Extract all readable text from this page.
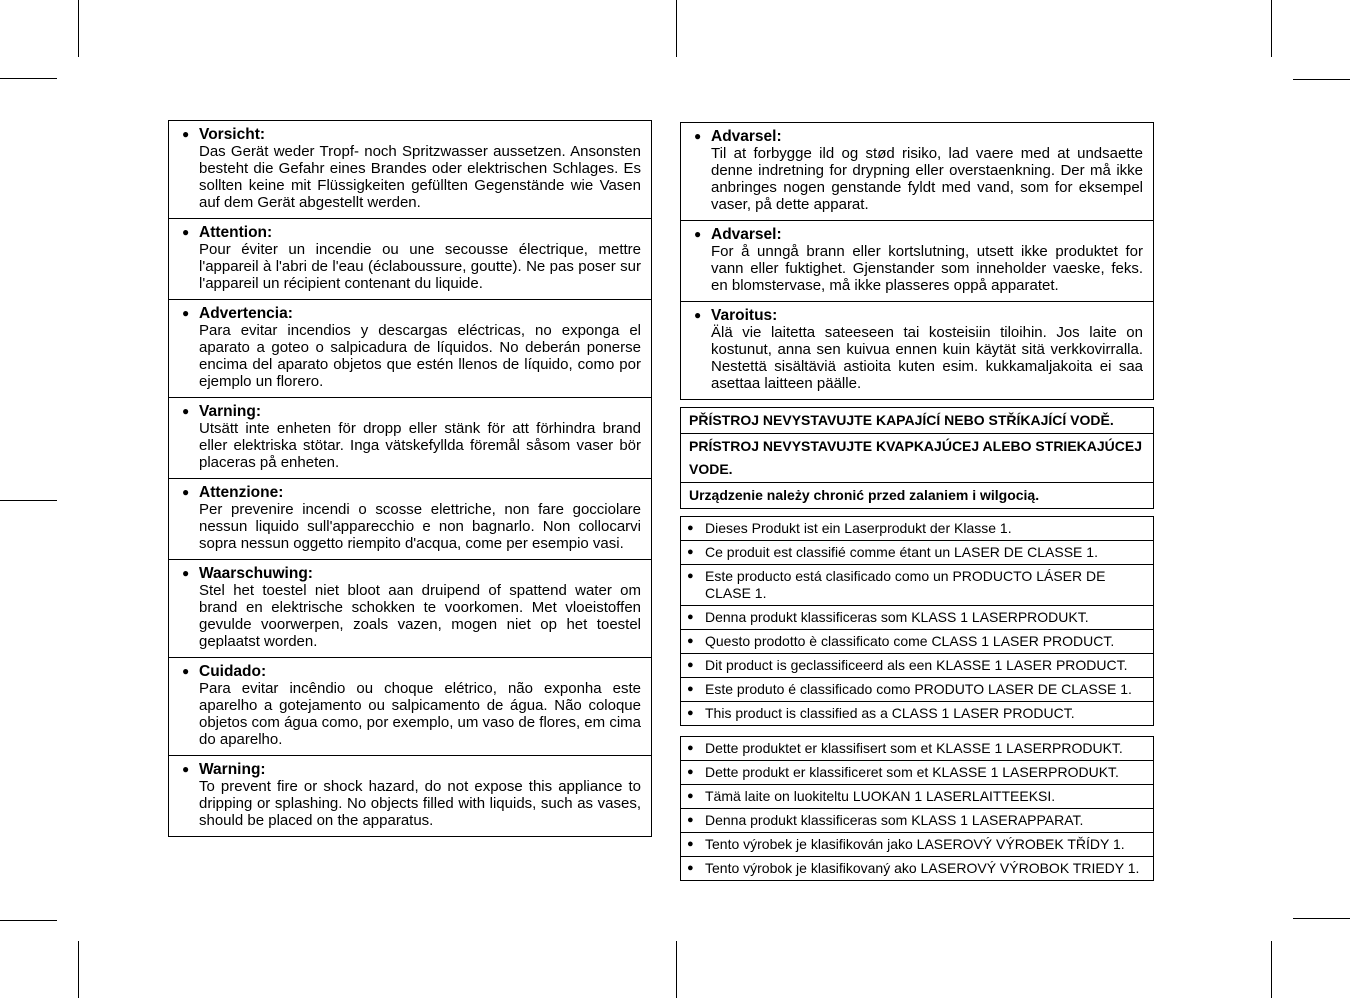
● Vorsicht:
Das Gerät weder Tropf- noch Spritzwasser aussetzen. Ansonsten besteht die Gefahr eines Brandes oder elektrischen Schlages. Es sollten keine mit Flüssigkeiten gefüllten Gegenstände wie Vasen auf dem Gerät abgestellt werden.
● Attention:
Pour éviter un incendie ou une secousse électrique, mettre l'appareil à l'abri de l'eau (éclaboussure, goutte). Ne pas poser sur l'appareil un récipient contenant du liquide.
● Advertencia:
Para evitar incendios y descargas eléctricas, no exponga el aparato a goteo o salpicadura de líquidos. No deberán ponerse encima del aparato objetos que estén llenos de líquido, como por ejemplo un florero.
● Varning:
Utsätt inte enheten för dropp eller stänk för att förhindra brand eller elektriska stötar. Inga vätskefyllda föremål såsom vaser bör placeras på enheten.
● Attenzione:
Per prevenire incendi o scosse elettriche, non fare gocciolare nessun liquido sull'apparecchio e non bagnarlo. Non collocarvi sopra nessun oggetto riempito d'acqua, come per esempio vasi.
● Waarschuwing:
Stel het toestel niet bloot aan druipend of spattend water om brand en elektrische schokken te voorkomen. Met vloeistoffen gevulde voorwerpen, zoals vazen, mogen niet op het toestel geplaatst worden.
● Cuidado:
Para evitar incêndio ou choque elétrico, não exponha este aparelho a gotejamento ou salpicamento de água. Não coloque objetos com água como, por exemplo, um vaso de flores, em cima do aparelho.
● Warning:
To prevent fire or shock hazard, do not expose this appliance to dripping or splashing. No objects filled with liquids, such as vases, should be placed on the apparatus.
● Advarsel:
Til at forbygge ild og stød risiko, lad vaere med at undsaette denne indretning for drypning eller overstaenkning. Der må ikke anbringes nogen genstande fyldt med vand, som for eksempel vaser, på dette apparat.
● Advarsel:
For å unngå brann eller kortslutning, utsett ikke produktet for vann eller fuktighet. Gjenstander som inneholder vaeske, feks. en blomstervase, må ikke plasseres oppå apparatet.
● Varoitus:
Älä vie laitetta sateeseen tai kosteisiin tiloihin. Jos laite on kostunut, anna sen kuivua ennen kuin käytät sitä verkkovirralla. Nestettä sisältäviä astioita kuten esim. kukkamaljakoita ei saa asettaa laitteen päälle.
PŘÍSTROJ NEVYSTAVUJTE KAPAJÍCÍ NEBO STŘÍKAJÍCÍ VODĚ.
PRÍSTROJ NEVYSTAVUJTE KVAPKAJÚCEJ ALEBO STRIEKAJÚCEJ VODE.
Urządzenie należy chronić przed zalaniem i wilgocią.
● Dieses Produkt ist ein Laserprodukt der Klasse 1.
● Ce produit est classifié comme étant un LASER DE CLASSE 1.
● Este producto está clasificado como un PRODUCTO LÁSER DE CLASE 1.
● Denna produkt klassificeras som KLASS 1 LASERPRODUKT.
● Questo prodotto è classificato come CLASS 1 LASER PRODUCT.
● Dit product is geclassificeerd als een KLASSE 1 LASER PRODUCT.
● Este produto é classificado como PRODUTO LASER DE CLASSE 1.
● This product is classified as a CLASS 1 LASER PRODUCT.
● Dette produktet er klassifisert som et KLASSE 1 LASERPRODUKT.
● Dette produkt er klassificeret som et KLASSE 1 LASERPRODUKT.
● Tämä laite on luokiteltu LUOKAN 1 LASERLAITTEEKSI.
● Denna produkt klassificeras som KLASS 1 LASERAPPARAT.
● Tento výrobek je klasifikován jako LASEROVÝ VÝROBEK TŘÍDY 1.
● Tento výrobok je klasifikovaný ako LASEROVÝ VÝROBOK TRIEDY 1.
